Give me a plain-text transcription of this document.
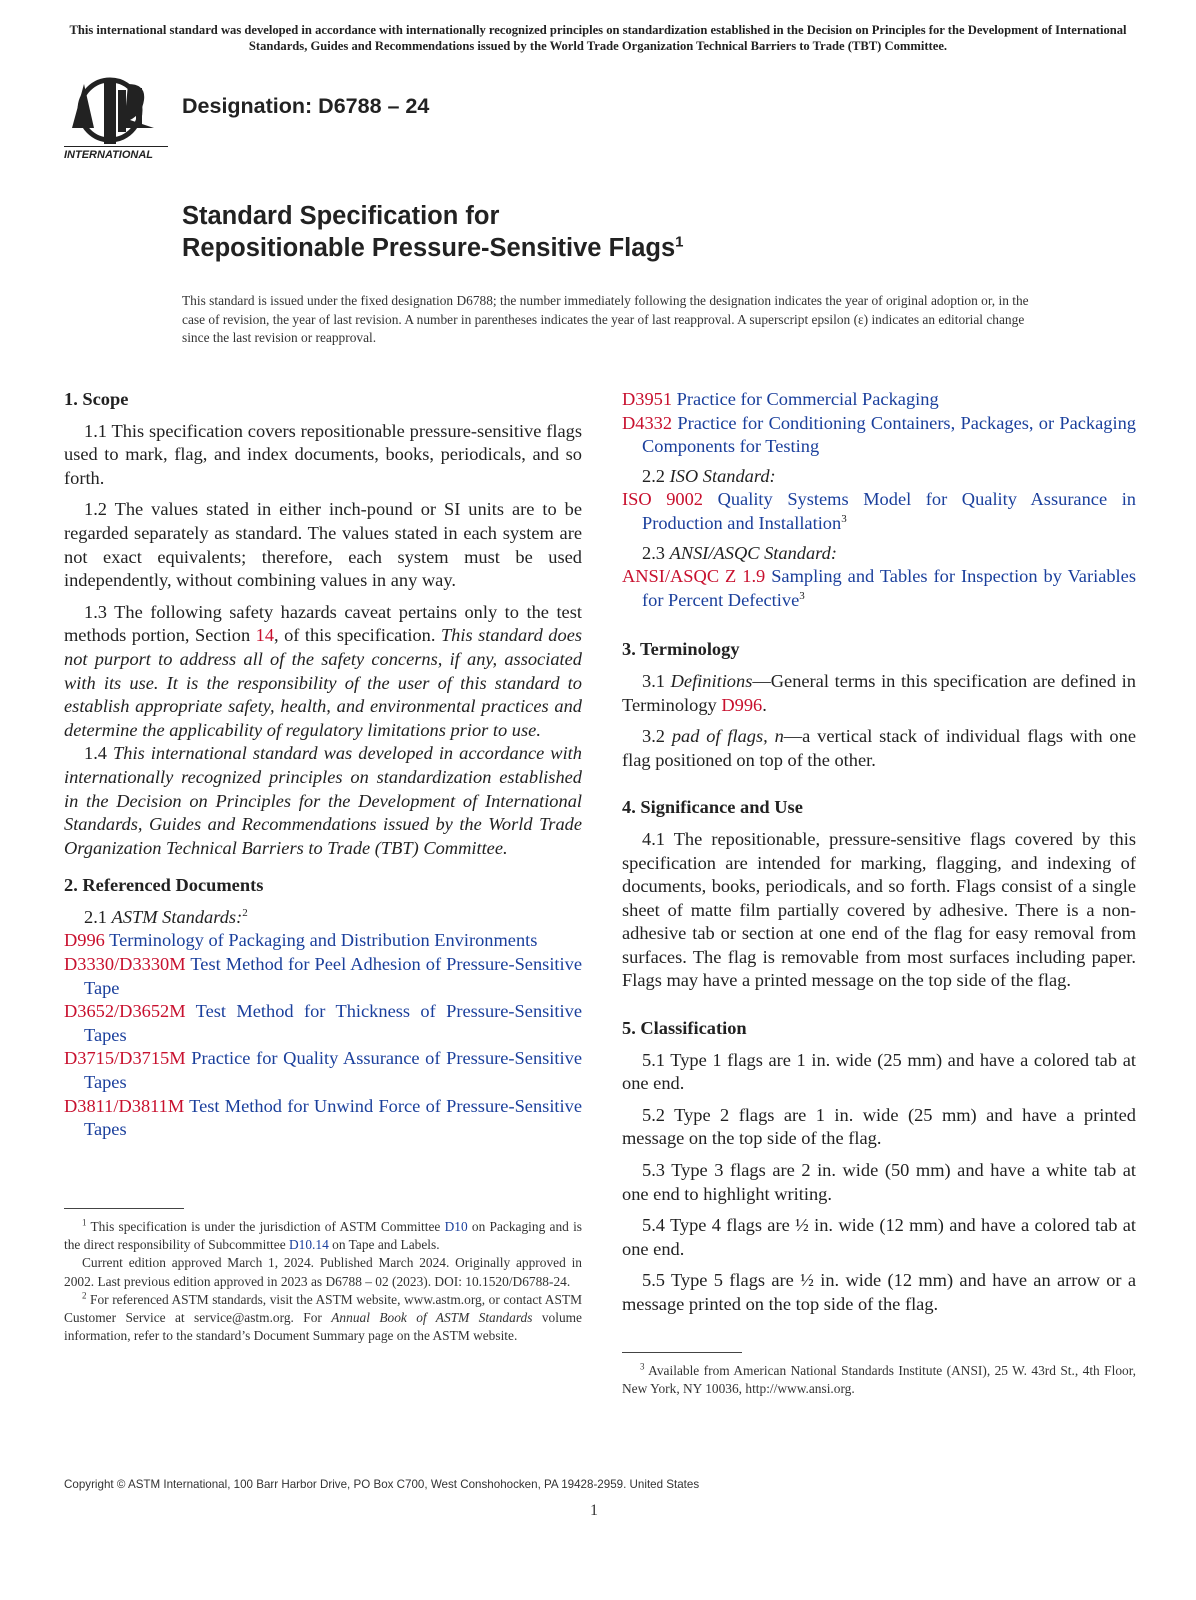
This international standard was developed in accordance with internationally recognized principles on standardization established in the Decision on Principles for the Development of International Standards, Guides and Recommendations issued by the World Trade Organization Technical Barriers to Trade (TBT) Committee.
INTERNATIONAL
Designation: D6788 – 24
Standard Specification for
Repositionable Pressure-Sensitive Flags$^1$
This standard is issued under the fixed designation D6788; the number immediately following the designation indicates the year of original adoption or, in the case of revision, the year of last revision. A number in parentheses indicates the year of last reapproval. A superscript epsilon (ε) indicates an editorial change since the last revision or reapproval.
1. Scope

1.1 This specification covers repositionable pressure-sensitive flags used to mark, flag, and index documents, books, periodicals, and so forth.

1.2 The values stated in either inch-pound or SI units are to be regarded separately as standard. The values stated in each system are not exact equivalents; therefore, each system must be used independently, without combining values in any way.

1.3 The following safety hazards caveat pertains only to the test methods portion, Section 14, of this specification. This standard does not purport to address all of the safety concerns, if any, associated with its use. It is the responsibility of the user of this standard to establish appropriate safety, health, and environmental practices and determine the applicability of regulatory limitations prior to use.

1.4 This international standard was developed in accordance with internationally recognized principles on standardization established in the Decision on Principles for the Development of International Standards, Guides and Recommendations issued by the World Trade Organization Technical Barriers to Trade (TBT) Committee.

2. Referenced Documents
2.1 ASTM Standards:$^2$
D996 Terminology of Packaging and Distribution Environments
D3330/D3330M Test Method for Peel Adhesion of Pressure-Sensitive Tape
D3652/D3652M Test Method for Thickness of Pressure-Sensitive Tapes
D3715/D3715M Practice for Quality Assurance of Pressure-Sensitive Tapes
D3811/D3811M Test Method for Unwind Force of Pressure-Sensitive Tapes

$^1$ This specification is under the jurisdiction of ASTM Committee D10 on Packaging and is the direct responsibility of Subcommittee D10.14 on Tape and Labels.

Current edition approved March 1, 2024. Published March 2024. Originally approved in 2002. Last previous edition approved in 2023 as D6788 – 02 (2023). DOI: 10.1520/D6788-24.

$^2$ For referenced ASTM standards, visit the ASTM website, www.astm.org, or contact ASTM Customer Service at service@astm.org. For Annual Book of ASTM Standards volume information, refer to the standard’s Document Summary page on the ASTM website.

D3951 Practice for Commercial Packaging
D4332 Practice for Conditioning Containers, Packages, or Packaging Components for Testing
2.2 ISO Standard:
ISO 9002 Quality Systems Model for Quality Assurance in Production and Installation$^3$
2.3 ANSI/ASQC Standard:
ANSI/ASQC Z 1.9 Sampling and Tables for Inspection by Variables for Percent Defective$^3$
3. Terminology

3.1 Definitions—General terms in this specification are defined in Terminology D996.

3.2 pad of flags, n—a vertical stack of individual flags with one flag positioned on top of the other.

4. Significance and Use

4.1 The repositionable, pressure-sensitive flags covered by this specification are intended for marking, flagging, and indexing of documents, books, periodicals, and so forth. Flags consist of a single sheet of matte film partially covered by adhesive. There is a non-adhesive tab or section at one end of the flag for easy removal from surfaces. The flag is removable from most surfaces including paper. Flags may have a printed message on the top side of the flag.

5. Classification

5.1 Type 1 flags are 1 in. wide (25 mm) and have a colored tab at one end.

5.2 Type 2 flags are 1 in. wide (25 mm) and have a printed message on the top side of the flag.

5.3 Type 3 flags are 2 in. wide (50 mm) and have a white tab at one end to highlight writing.

5.4 Type 4 flags are ½ in. wide (12 mm) and have a colored tab at one end.

5.5 Type 5 flags are ½ in. wide (12 mm) and have an arrow or a message printed on the top side of the flag.

$^3$ Available from American National Standards Institute (ANSI), 25 W. 43rd St., 4th Floor, New York, NY 10036, http://www.ansi.org.

Copyright © ASTM International, 100 Barr Harbor Drive, PO Box C700, West Conshohocken, PA 19428-2959. United States
1
